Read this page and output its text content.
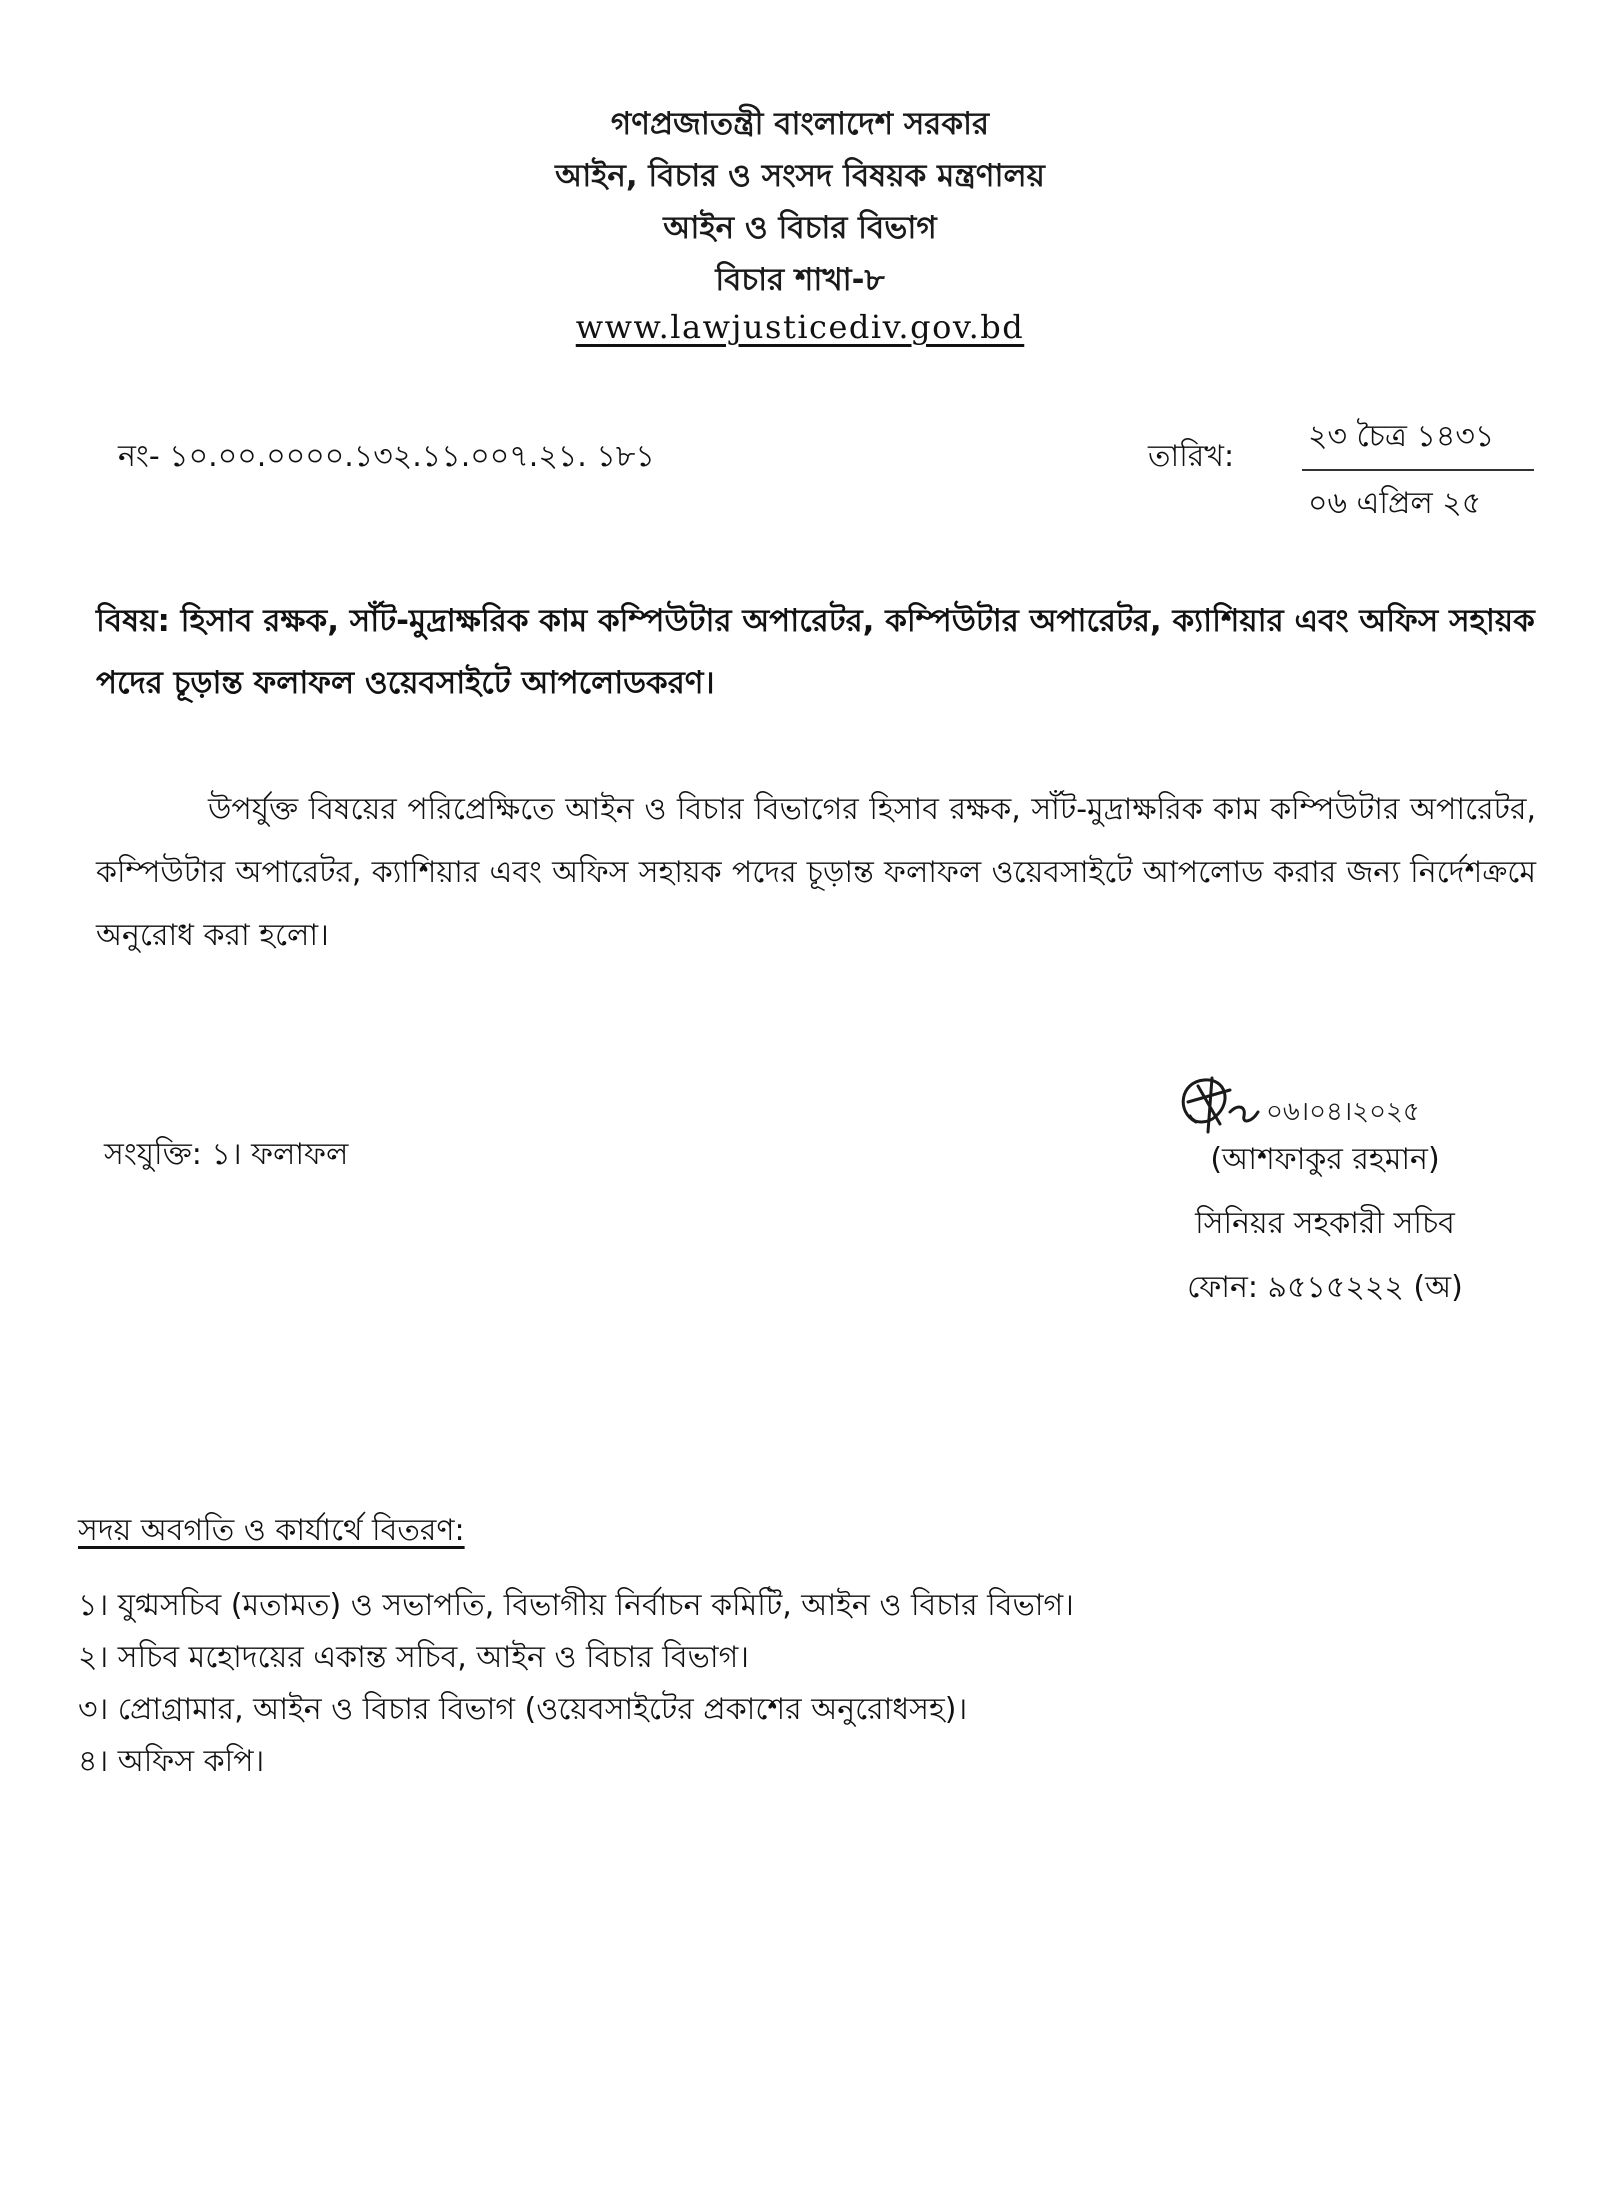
গণপ্রজাতন্ত্রী বাংলাদেশ সরকার
আইন, বিচার ও সংসদ বিষয়ক মন্ত্রণালয়
আইন ও বিচার বিভাগ
বিচার শাখা-৮
www.lawjusticediv.gov.bd
নং- ১০.০০.০০০০.১৩২.১১.০০৭.২১. ১৮১	তারিখ:
২৩ চৈত্র ১৪৩১
০৬ এপ্রিল ২৫
বিষয়: হিসাব রক্ষক, সাঁট-মুদ্রাক্ষরিক কাম কম্পিউটার অপারেটর, কম্পিউটার অপারেটর, ক্যাশিয়ার এবং অফিস সহায়ক পদের চূড়ান্ত ফলাফল ওয়েবসাইটে আপলোডকরণ।
উপর্যুক্ত বিষয়ের পরিপ্রেক্ষিতে আইন ও বিচার বিভাগের হিসাব রক্ষক, সাঁট-মুদ্রাক্ষরিক কাম কম্পিউটার অপারেটর, কম্পিউটার অপারেটর, ক্যাশিয়ার এবং অফিস সহায়ক পদের চূড়ান্ত ফলাফল ওয়েবসাইটে আপলোড করার জন্য নির্দেশক্রমে অনুরোধ করা হলো।
সংযুক্তি: ১। ফলাফল
০৬।০৪।২০২৫
(আশফাকুর রহমান)
সিনিয়র সহকারী সচিব
ফোন: ৯৫১৫২২২ (অ)
সদয় অবগতি ও কার্যার্থে বিতরণ:
১। যুগ্মসচিব (মতামত) ও সভাপতি, বিভাগীয় নির্বাচন কমিটি, আইন ও বিচার বিভাগ।
২। সচিব মহোদয়ের একান্ত সচিব, আইন ও বিচার বিভাগ।
৩। প্রোগ্রামার, আইন ও বিচার বিভাগ (ওয়েবসাইটের প্রকাশের অনুরোধসহ)।
৪। অফিস কপি।
